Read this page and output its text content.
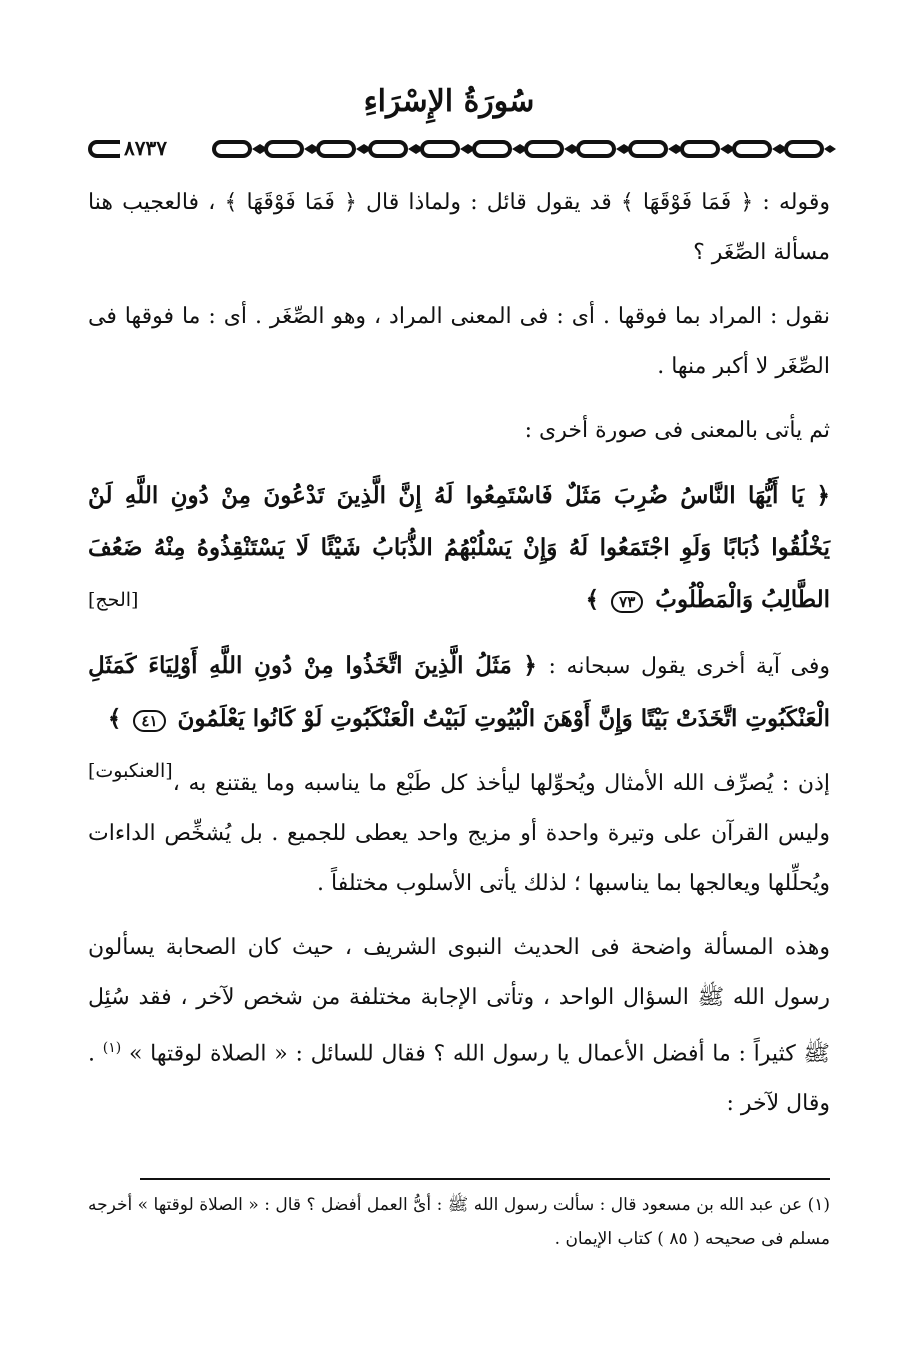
سُورَةُ الإِسْرَاءِ
٨٧٣٧

وقوله : ﴿ فَمَا فَوْقَهَا ﴾ قد يقول قائل : ولماذا قال ﴿ فَمَا فَوْقَهَا ﴾ ، فالعجيب هنا مسألة الصِّغَر ؟

نقول : المراد بما فوقها . أى : فى المعنى المراد ، وهو الصِّغَر . أى : ما فوقها فى الصِّغَر لا أكبر منها .

ثم يأتى بالمعنى فى صورة أخرى :

﴿ يَا أَيُّهَا النَّاسُ ضُرِبَ مَثَلٌ فَاسْتَمِعُوا لَهُ إِنَّ الَّذِينَ تَدْعُونَ مِنْ دُونِ اللَّهِ لَنْ يَخْلُقُوا ذُبَابًا وَلَوِ اجْتَمَعُوا لَهُ وَإِنْ يَسْلُبْهُمُ الذُّبَابُ شَيْئًا لَا يَسْتَنْقِذُوهُ مِنْهُ ضَعُفَ الطَّالِبُ وَالْمَطْلُوبُ ٧٣ ﴾
[الحج]

وفى آية أخرى يقول سبحانه : ﴿ مَثَلُ الَّذِينَ اتَّخَذُوا مِنْ دُونِ اللَّهِ أَوْلِيَاءَ كَمَثَلِ الْعَنْكَبُوتِ اتَّخَذَتْ بَيْتًا وَإِنَّ أَوْهَنَ الْبُيُوتِ لَبَيْتُ الْعَنْكَبُوتِ لَوْ كَانُوا يَعْلَمُونَ ٤١ ﴾
[العنكبوت] إذن : يُصرِّف الله الأمثال ويُحوِّلها ليأخذ كل طَبْع ما يناسبه وما يقتنع به ، وليس القرآن على وتيرة واحدة أو مزيج واحد يعطى للجميع . بل يُشخِّص الداءات ويُحلِّلها ويعالجها بما يناسبها ؛ لذلك يأتى الأسلوب مختلفاً .

وهذه المسألة واضحة فى الحديث النبوى الشريف ، حيث كان الصحابة يسألون رسول الله ﷺ السؤال الواحد ، وتأتى الإجابة مختلفة من شخص لآخر ، فقد سُئِل ﷺ كثيراً : ما أفضل الأعمال يا رسول الله ؟ فقال للسائل : « الصلاة لوقتها » $^{(١)}$ . وقال لآخر :

(١) عن عبد الله بن مسعود قال : سألت رسول الله ﷺ : أىُّ العمل أفضل ؟ قال : « الصلاة لوقتها » أخرجه مسلم فى صحيحه ( ٨٥ ) كتاب الإيمان .
